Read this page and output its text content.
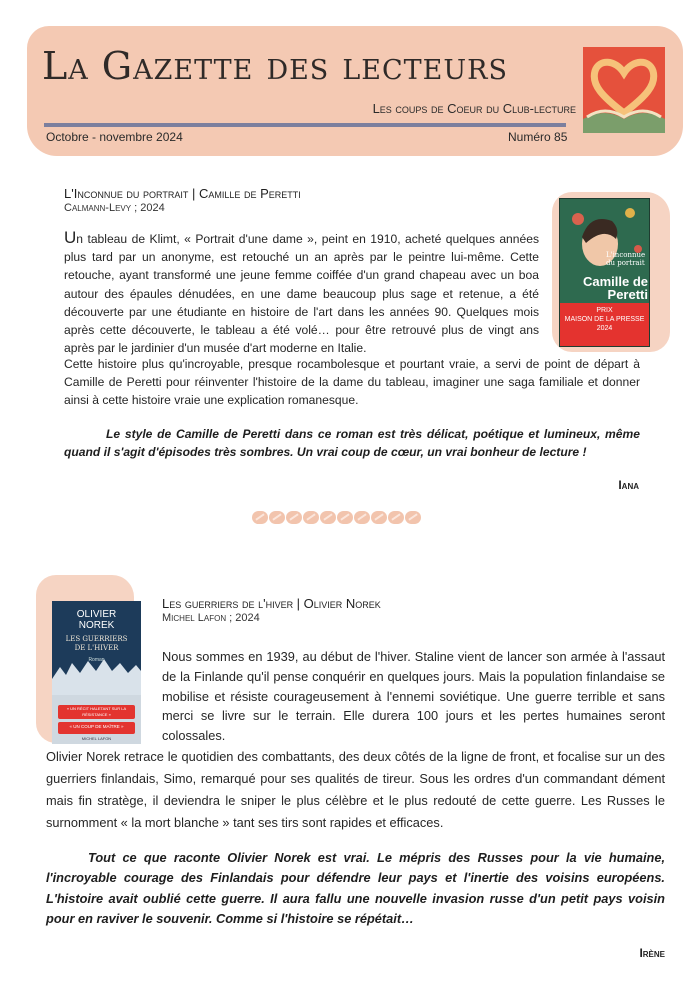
La Gazette des lecteurs
Les coups de Coeur du Club-lecture
Octobre - novembre 2024	Numéro 85
L'inconnue du portrait
Camille de Peretti
PRIX
MAISON DE LA PRESSE
2024
L'Inconnue du portrait | Camille de Peretti
Calmann-Levy ; 2024

Un tableau de Klimt, « Portrait d'une dame », peint en 1910, acheté quelques années plus tard par un anonyme, est retouché un an après par le peintre lui-même. Cette retouche, ayant transformé une jeune femme coiffée d'un grand chapeau avec un boa autour des épaules dénudées, en une dame beaucoup plus sage et retenue, a été découverte par une étudiante en histoire de l'art dans les années 90. Quelques mois après cette découverte, le tableau a été volé… pour être retrouvé plus de vingt ans après par le jardinier d'un musée d'art moderne en Italie.

Cette histoire plus qu'incroyable, presque rocambolesque et pourtant vraie, a servi de point de départ à Camille de Peretti pour réinventer l'histoire de la dame du tableau, imaginer une saga familiale et donner ainsi à cette histoire vraie une explication romanesque.

Le style de Camille de Peretti dans ce roman est très délicat, poétique et lumineux, même quand il s'agit d'épisodes très sombres. Un vrai coup de cœur, un vrai bonheur de lecture !

Iana
OLIVIER
NOREK
LES GUERRIERS DE L'HIVER
Roman
« UN RÉCIT HALETANT SUR LA RÉSISTANCE »
« UN COUP DE MAÎTRE »
MICHEL LAFON
Les guerriers de l'hiver | Olivier Norek
Michel Lafon ; 2024

Nous sommes en 1939, au début de l'hiver. Staline vient de lancer son armée à l'assaut de la Finlande qu'il pense conquérir en quelques jours. Mais la population finlandaise se mobilise et résiste courageusement à l'ennemi soviétique. Une guerre terrible et sans merci se livre sur le terrain. Elle durera 100 jours et les pertes humaines seront colossales.

Olivier Norek retrace le quotidien des combattants, des deux côtés de la ligne de front, et focalise sur un des guerriers finlandais, Simo, remarqué pour ses qualités de tireur. Sous les ordres d'un commandant dément mais fin stratège, il deviendra le sniper le plus célèbre et le plus redouté de cette guerre. Les Russes le surnomment « la mort blanche » tant ses tirs sont rapides et efficaces.

Tout ce que raconte Olivier Norek est vrai. Le mépris des Russes pour la vie humaine, l'incroyable courage des Finlandais pour défendre leur pays et l'inertie des voisins européens. L'histoire avait oublié cette guerre. Il aura fallu une nouvelle invasion russe d'un petit pays voisin pour en raviver le souvenir. Comme si l'histoire se répétait…

Irène
